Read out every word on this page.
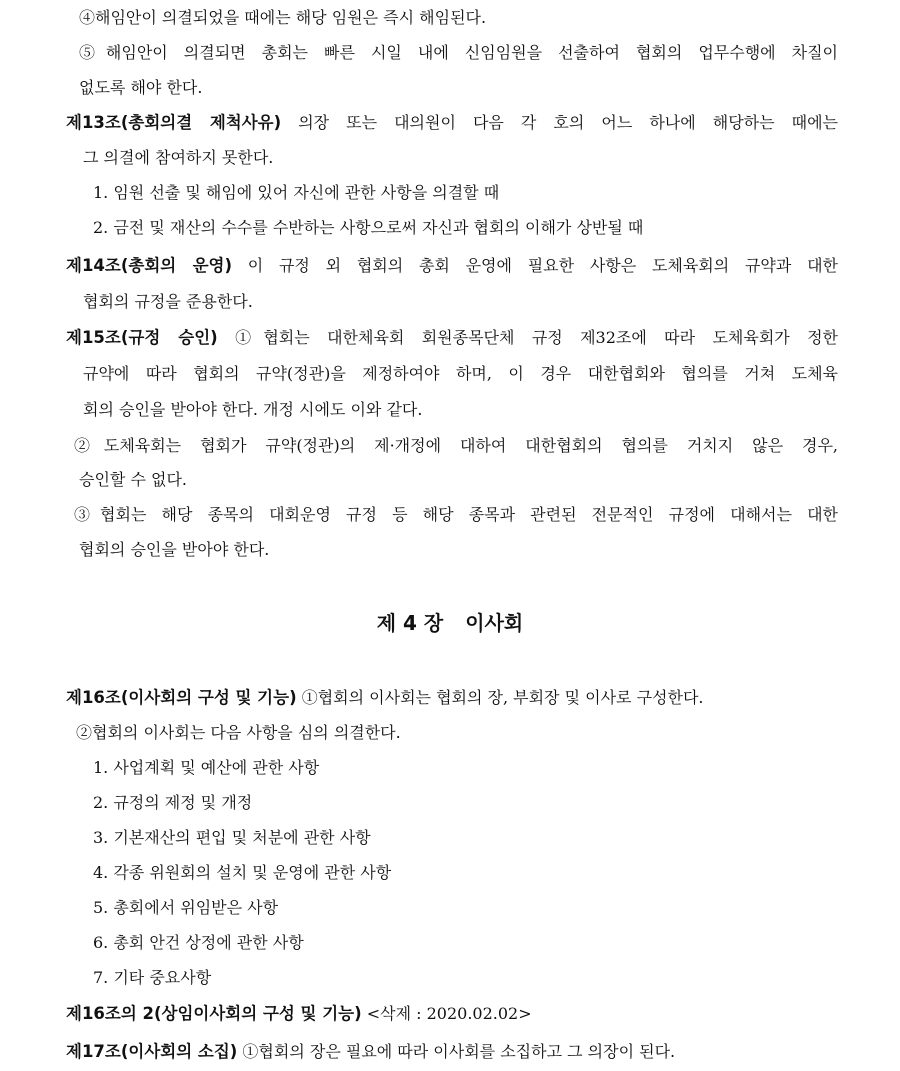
④해임안이 의결되었을 때에는 해당 임원은 즉시 해임된다.
⑤해임안이 의결되면 총회는 빠른 시일 내에 신임임원을 선출하여 협회의 업무수행에 차질이
없도록 해야 한다.
제13조(총회의결 제척사유) 의장 또는 대의원이 다음 각 호의 어느 하나에 해당하는 때에는
그 의결에 참여하지 못한다.
1. 임원 선출 및 해임에 있어 자신에 관한 사항을 의결할 때
2. 금전 및 재산의 수수를 수반하는 사항으로써 자신과 협회의 이해가 상반될 때
제14조(총회의 운영) 이 규정 외 협회의 총회 운영에 필요한 사항은 도체육회의 규약과 대한
협회의 규정을 준용한다.
제15조(규정 승인) ①협회는 대한체육회 회원종목단체 규정 제32조에 따라 도체육회가 정한
규약에 따라 협회의 규약(정관)을 제정하여야 하며, 이 경우 대한협회와 협의를 거쳐 도체육
회의 승인을 받아야 한다. 개정 시에도 이와 같다.
②도체육회는 협회가 규약(정관)의 제·개정에 대하여 대한협회의 협의를 거치지 않은 경우,
승인할 수 없다.
③협회는 해당 종목의 대회운영 규정 등 해당 종목과 관련된 전문적인 규정에 대해서는 대한
협회의 승인을 받아야 한다.
제 4 장 이사회
제16조(이사회의 구성 및 기능) ①협회의 이사회는 협회의 장, 부회장 및 이사로 구성한다.
②협회의 이사회는 다음 사항을 심의 의결한다.
1. 사업계획 및 예산에 관한 사항
2. 규정의 제정 및 개정
3. 기본재산의 편입 및 처분에 관한 사항
4. 각종 위원회의 설치 및 운영에 관한 사항
5. 총회에서 위임받은 사항
6. 총회 안건 상정에 관한 사항
7. 기타 중요사항
제16조의 2(상임이사회의 구성 및 기능) <삭제 : 2020.02.02>
제17조(이사회의 소집) ①협회의 장은 필요에 따라 이사회를 소집하고 그 의장이 된다.
